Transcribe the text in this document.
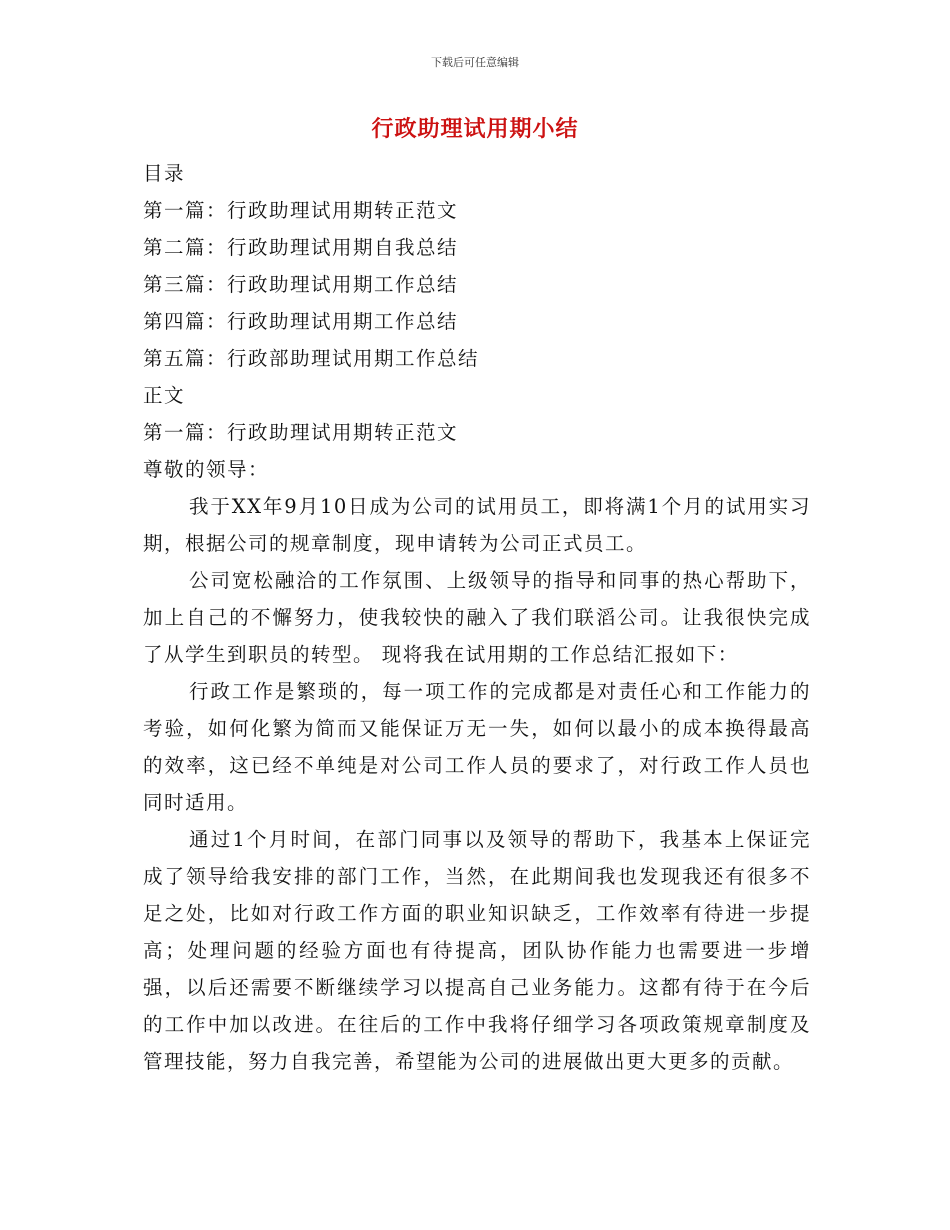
下载后可任意编辑
行政助理试用期小结

目录

第一篇：行政助理试用期转正范文

第二篇：行政助理试用期自我总结

第三篇：行政助理试用期工作总结

第四篇：行政助理试用期工作总结

第五篇：行政部助理试用期工作总结

正文

第一篇：行政助理试用期转正范文

尊敬的领导：

我于XX年9月10日成为公司的试用员工，即将满1个月的试用实习期，根据公司的规章制度，现申请转为公司正式员工。

公司宽松融洽的工作氛围、上级领导的指导和同事的热心帮助下，加上自己的不懈努力，使我较快的融入了我们联滔公司。让我很快完成了从学生到职员的转型。 现将我在试用期的工作总结汇报如下：

行政工作是繁琐的，每一项工作的完成都是对责任心和工作能力的考验，如何化繁为简而又能保证万无一失，如何以最小的成本换得最高的效率，这已经不单纯是对公司工作人员的要求了，对行政工作人员也同时适用。

通过1个月时间，在部门同事以及领导的帮助下，我基本上保证完成了领导给我安排的部门工作，当然，在此期间我也发现我还有很多不足之处，比如对行政工作方面的职业知识缺乏，工作效率有待进一步提高；处理问题的经验方面也有待提高，团队协作能力也需要进一步增强，以后还需要不断继续学习以提高自己业务能力。这都有待于在今后的工作中加以改进。在往后的工作中我将仔细学习各项政策规章制度及管理技能，努力自我完善，希望能为公司的进展做出更大更多的贡献。
